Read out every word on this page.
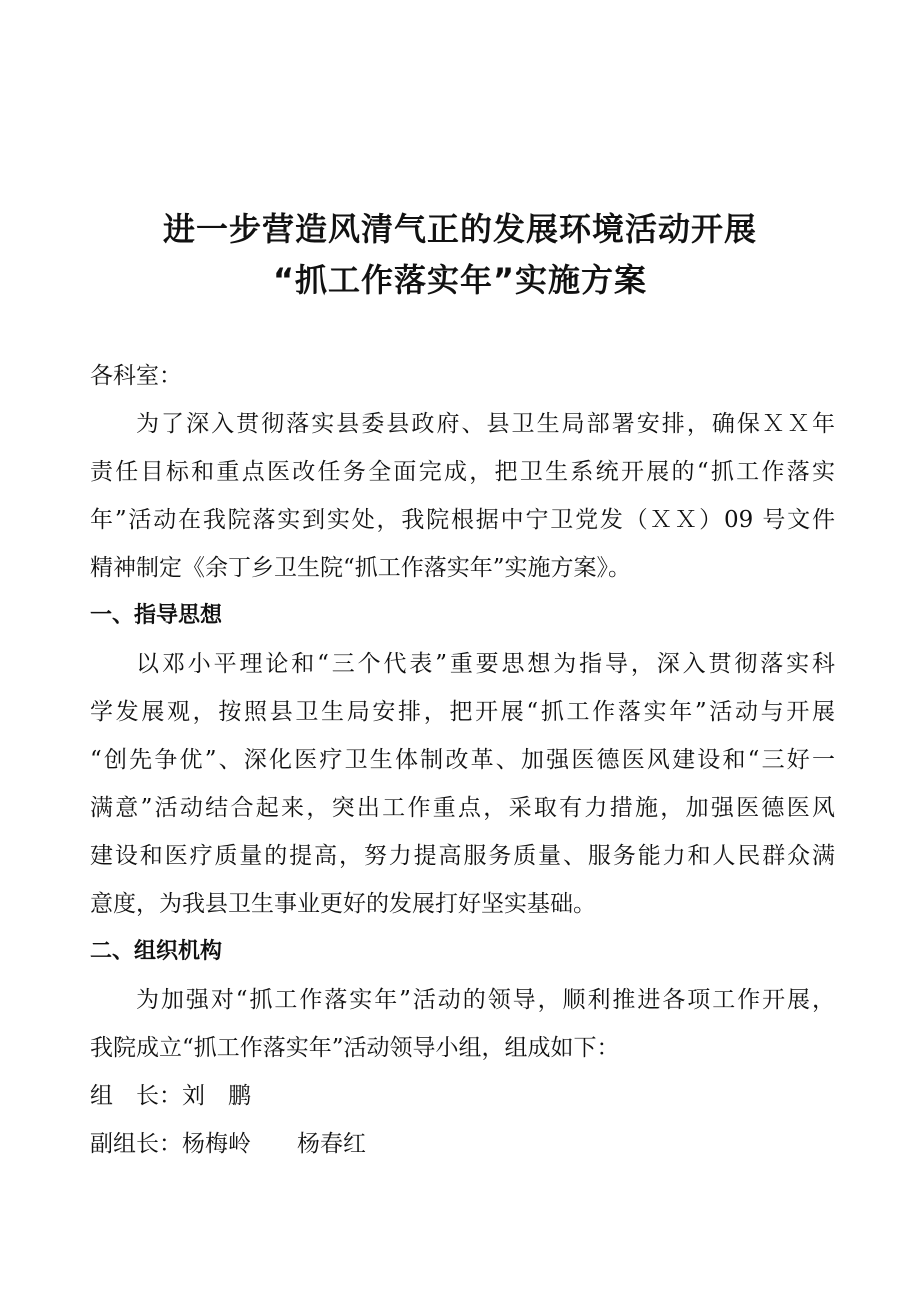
进一步营造风清气正的发展环境活动开展
“抓工作落实年”实施方案

各科室：

为了深入贯彻落实县委县政府、县卫生局部署安排，确保ＸＸ年
责任目标和重点医改任务全面完成，把卫生系统开展的“抓工作落实
年”活动在我院落实到实处，我院根据中宁卫党发（ＸＸ）09 号文件
精神制定《余丁乡卫生院“抓工作落实年”实施方案》。

一、指导思想

以邓小平理论和“三个代表”重要思想为指导，深入贯彻落实科
学发展观，按照县卫生局安排，把开展“抓工作落实年”活动与开展
“创先争优”、深化医疗卫生体制改革、加强医德医风建设和“三好一
满意”活动结合起来，突出工作重点，采取有力措施，加强医德医风
建设和医疗质量的提高，努力提高服务质量、服务能力和人民群众满
意度，为我县卫生事业更好的发展打好坚实基础。

二、组织机构

为加强对“抓工作落实年”活动的领导，顺利推进各项工作开展，
我院成立“抓工作落实年”活动领导小组，组成如下：

组　长：刘　鹏

副组长：杨梅岭　　杨春红
